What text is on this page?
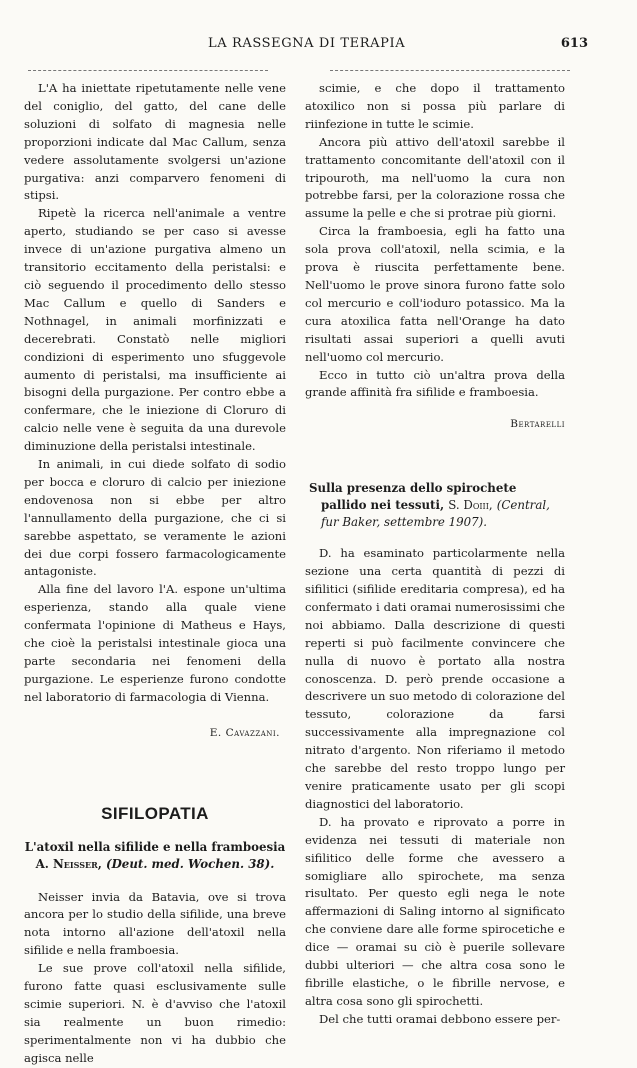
LA RASSEGNA DI TERAPIA	613

L'A ha iniettate ripetutamente nelle vene del coniglio, del gatto, del cane delle soluzioni di solfato di magnesia nelle proporzioni indicate dal Mac Callum, senza vedere assolutamente svolgersi un'azione purgativa: anzi comparvero fenomeni di stipsi.

Ripetè la ricerca nell'animale a ventre aperto, studiando se per caso si avesse invece di un'azione purgativa almeno un transitorio eccitamento della peristalsi: e ciò seguendo il procedimento dello stesso Mac Callum e quello di Sanders e Nothnagel, in animali morfinizzati e decerebrati. Constatò nelle migliori condizioni di esperimento uno sfuggevole aumento di peristalsi, ma insufficiente ai bisogni della purgazione. Per contro ebbe a confermare, che le iniezione di Cloruro di calcio nelle vene è seguita da una durevole diminuzione della peristalsi intestinale.

In animali, in cui diede solfato di sodio per bocca e cloruro di calcio per iniezione endovenosa non si ebbe per altro l'annullamento della purgazione, che ci si sarebbe aspettato, se veramente le azioni dei due corpi fossero farmacologicamente antagoniste.

Alla fine del lavoro l'A. espone un'ultima esperienza, stando alla quale viene confermata l'opinione di Matheus e Hays, che cioè la peristalsi intestinale gioca una parte secondaria nei fenomeni della purgazione. Le esperienze furono condotte nel laboratorio di farmacologia di Vienna.

E. Cavazzani.
SIFILOPATIA
L'atoxil nella sifilide e nella framboesia
A. Neisser, (Deut. med. Wochen. 38).

Neisser invia da Batavia, ove si trova ancora per lo studio della sifilide, una breve nota intorno all'azione dell'atoxil nella sifilide e nella framboesia.

Le sue prove coll'atoxil nella sifilide, furono fatte quasi esclusivamente sulle scimie superiori. N. è d'avviso che l'atoxil sia realmente un buon rimedio: sperimentalmente non vi ha dubbio che agisca nelle

scimie, e che dopo il trattamento atoxilico non si possa più parlare di riinfezione in tutte le scimie.

Ancora più attivo dell'atoxil sarebbe il trattamento concomitante dell'atoxil con il tripouroth, ma nell'uomo la cura non potrebbe farsi, per la colorazione rossa che assume la pelle e che si protrae più giorni.

Circa la framboesia, egli ha fatto una sola prova coll'atoxil, nella scimia, e la prova è riuscita perfettamente bene. Nell'uomo le prove sinora furono fatte solo col mercurio e coll'ioduro potassico. Ma la cura atoxilica fatta nell'Orange ha dato risultati assai superiori a quelli avuti nell'uomo col mercurio.

Ecco in tutto ciò un'altra prova della grande affinità fra sifilide e framboesia.

Bertarelli
Sulla presenza dello spirochete pallido nei tessuti, S. Doiii, (Central, fur Baker, settembre 1907).

D. ha esaminato particolarmente nella sezione una certa quantità di pezzi di sifilitici (sifilide ereditaria compresa), ed ha confermato i dati oramai numerosissimi che noi abbiamo. Dalla descrizione di questi reperti si può facilmente convincere che nulla di nuovo è portato alla nostra conoscenza. D. però prende occasione a descrivere un suo metodo di colorazione del tessuto, colorazione da farsi successivamente alla impregnazione col nitrato d'argento. Non riferiamo il metodo che sarebbe del resto troppo lungo per venire praticamente usato per gli scopi diagnostici del laboratorio.

D. ha provato e riprovato a porre in evidenza nei tessuti di materiale non sifilitico delle forme che avessero a somigliare allo spirochete, ma senza risultato. Per questo egli nega le note affermazioni di Saling intorno al significato che conviene dare alle forme spirocetiche e dice — oramai su ciò è puerile sollevare dubbi ulteriori — che altra cosa sono le fibrille elastiche, o le fibrille nervose, e altra cosa sono gli spirochetti.

Del che tutti oramai debbono essere per-
